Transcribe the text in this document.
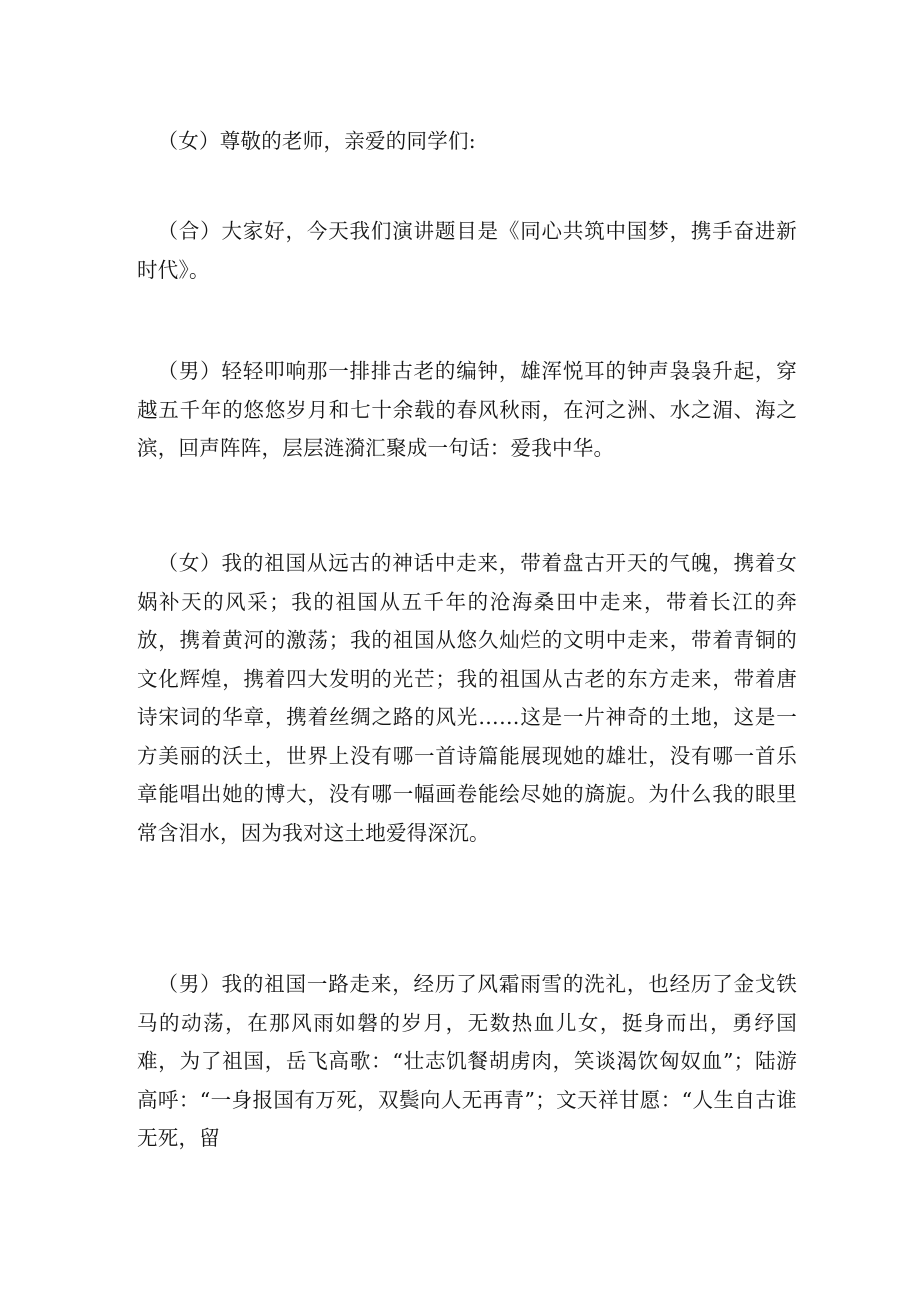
（女）尊敬的老师，亲爱的同学们:

（合）大家好，今天我们演讲题目是《同心共筑中国梦，携手奋进新时代》。

（男）轻轻叩响那一排排古老的编钟，雄浑悦耳的钟声袅袅升起，穿越五千年的悠悠岁月和七十余载的春风秋雨，在河之洲、水之湄、海之滨，回声阵阵，层层涟漪汇聚成一句话：爱我中华。

（女）我的祖国从远古的神话中走来，带着盘古开天的气魄，携着女娲补天的风采；我的祖国从五千年的沧海桑田中走来，带着长江的奔放，携着黄河的激荡；我的祖国从悠久灿烂的文明中走来，带着青铜的文化辉煌，携着四大发明的光芒；我的祖国从古老的东方走来，带着唐诗宋词的华章，携着丝绸之路的风光……这是一片神奇的土地，这是一方美丽的沃土，世界上没有哪一首诗篇能展现她的雄壮，没有哪一首乐章能唱出她的博大，没有哪一幅画卷能绘尽她的旖旎。为什么我的眼里常含泪水，因为我对这土地爱得深沉。

（男）我的祖国一路走来，经历了风霜雨雪的洗礼，也经历了金戈铁马的动荡，在那风雨如磐的岁月，无数热血儿女，挺身而出，勇纾国难，为了祖国，岳飞高歌：“壮志饥餐胡虏肉，笑谈渴饮匈奴血”；陆游高呼：“一身报国有万死，双鬓向人无再青”；文天祥甘愿：“人生自古谁无死，留
